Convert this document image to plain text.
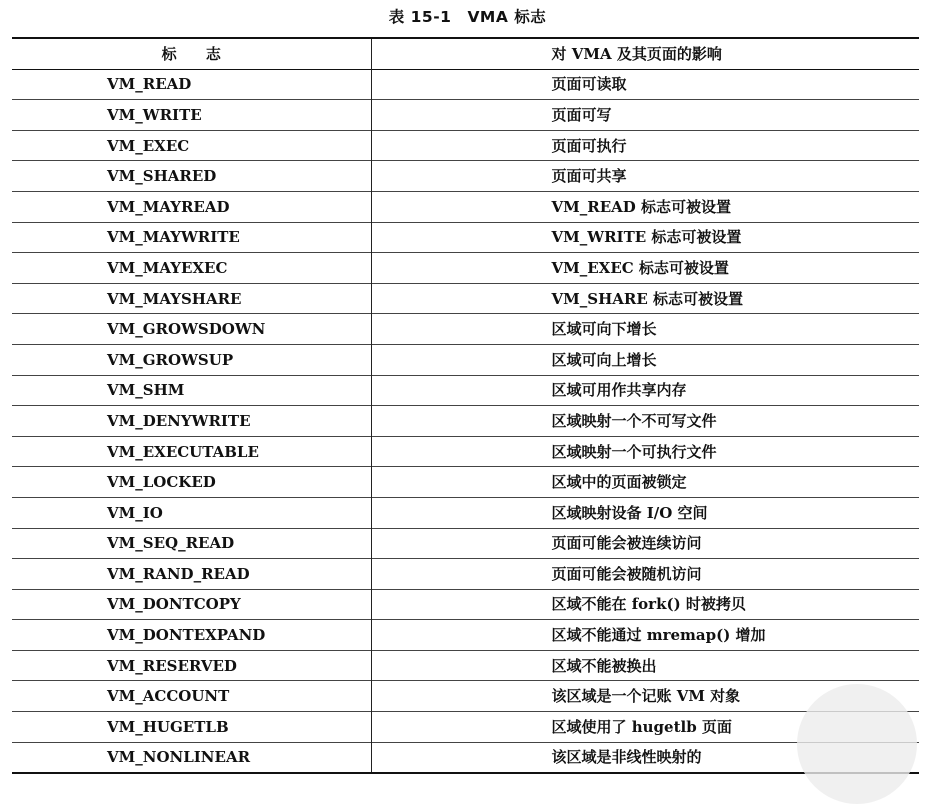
表 15-1 VMA 标志
标 志	对 VMA 及其页面的影响
VM_READ	页面可读取
VM_WRITE	页面可写
VM_EXEC	页面可执行
VM_SHARED	页面可共享
VM_MAYREAD	VM_READ 标志可被设置
VM_MAYWRITE	VM_WRITE 标志可被设置
VM_MAYEXEC	VM_EXEC 标志可被设置
VM_MAYSHARE	VM_SHARE 标志可被设置
VM_GROWSDOWN	区域可向下增长
VM_GROWSUP	区域可向上增长
VM_SHM	区域可用作共享内存
VM_DENYWRITE	区域映射一个不可写文件
VM_EXECUTABLE	区域映射一个可执行文件
VM_LOCKED	区域中的页面被锁定
VM_IO	区域映射设备 I/O 空间
VM_SEQ_READ	页面可能会被连续访问
VM_RAND_READ	页面可能会被随机访问
VM_DONTCOPY	区域不能在 fork() 时被拷贝
VM_DONTEXPAND	区域不能通过 mremap() 增加
VM_RESERVED	区域不能被换出
VM_ACCOUNT	该区域是一个记账 VM 对象
VM_HUGETLB	区域使用了 hugetlb 页面
VM_NONLINEAR	该区域是非线性映射的
